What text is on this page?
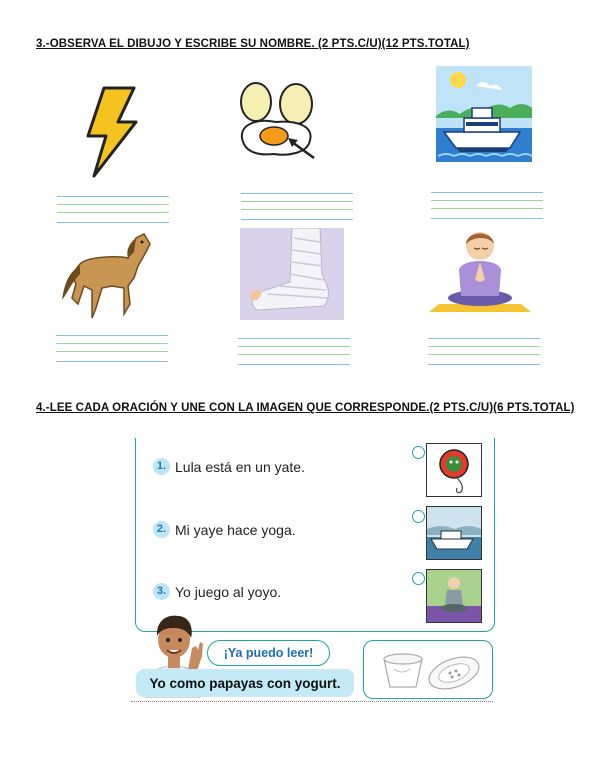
3.-OBSERVA EL DIBUJO Y ESCRIBE SU NOMBRE. (2 PTS.C/U)(12 PTS.TOTAL)
4.-LEE CADA ORACIÓN Y UNE CON LA IMAGEN QUE CORRESPONDE.(2 PTS.C/U)(6 PTS.TOTAL)
1. Lula está en un yate.
2. Mi yaye hace yoga.
3. Yo juego al yoyo.
¡Ya puedo leer!
Yo como papayas con yogurt.
